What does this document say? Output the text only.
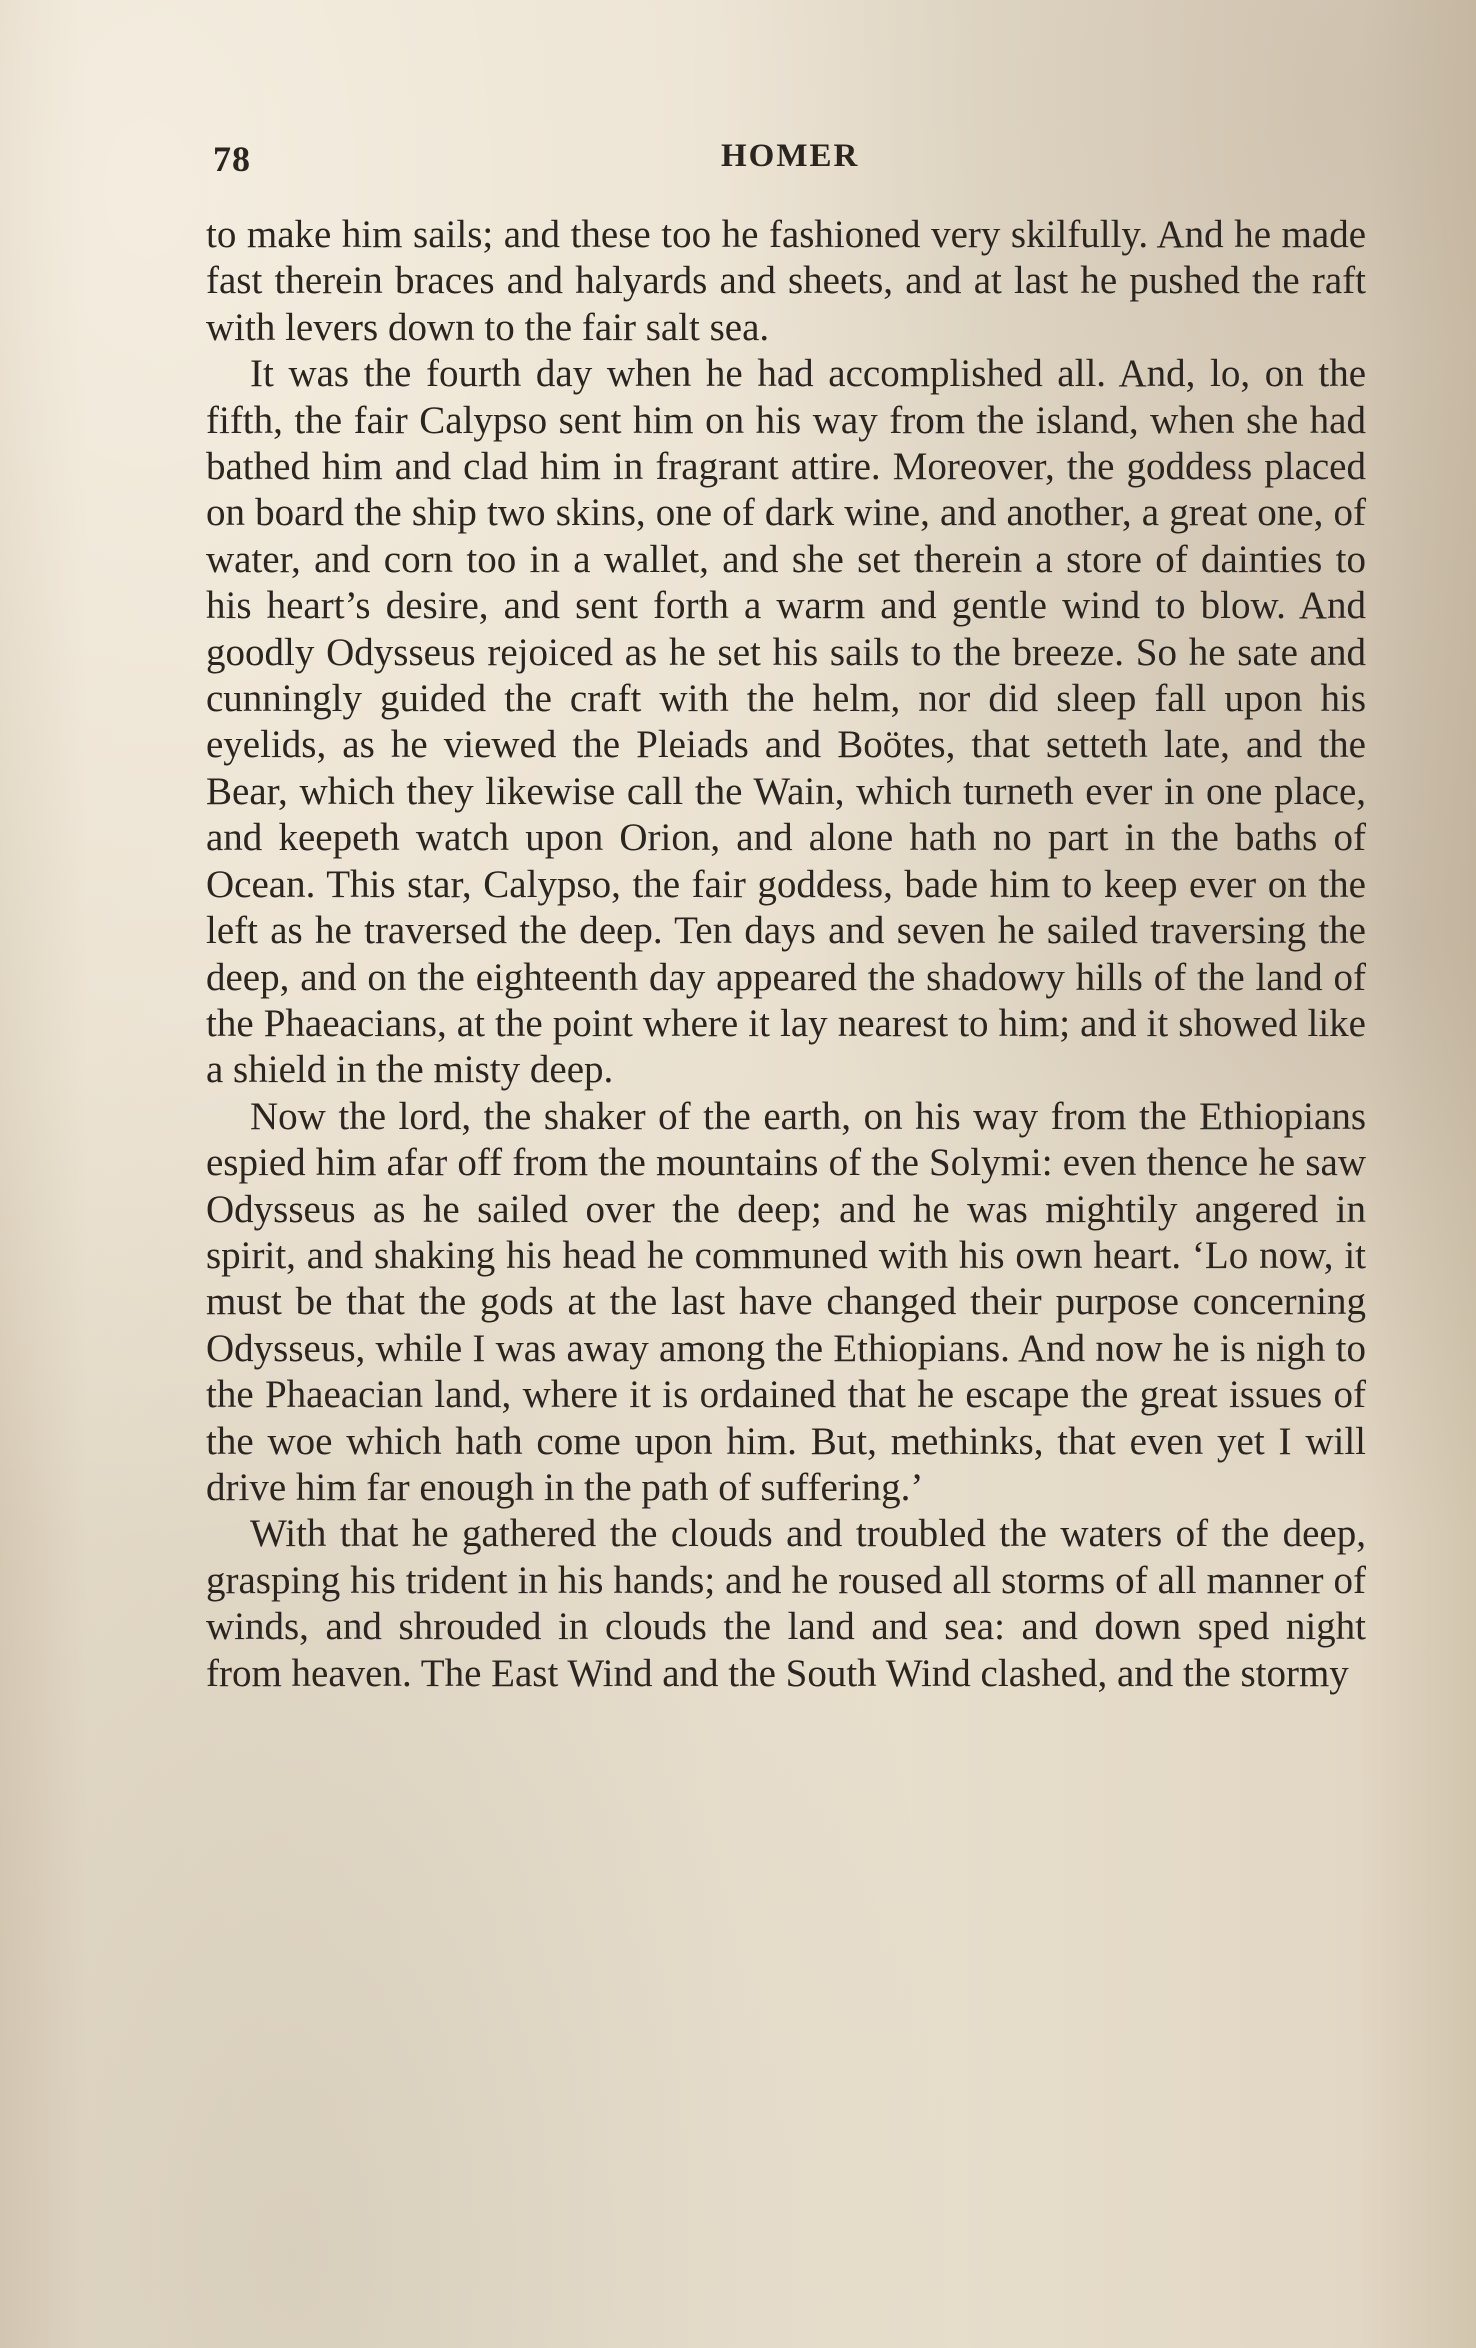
78	HOMER

to make him sails; and these too he fashioned very skilfully. And he made fast therein braces and halyards and sheets, and at last he pushed the raft with levers down to the fair salt sea.

It was the fourth day when he had accomplished all. And, lo, on the fifth, the fair Calypso sent him on his way from the island, when she had bathed him and clad him in fragrant attire. Moreover, the goddess placed on board the ship two skins, one of dark wine, and another, a great one, of water, and corn too in a wallet, and she set therein a store of dainties to his heart’s desire, and sent forth a warm and gentle wind to blow. And goodly Odysseus rejoiced as he set his sails to the breeze. So he sate and cunningly guided the craft with the helm, nor did sleep fall upon his eyelids, as he viewed the Pleiads and Boötes, that setteth late, and the Bear, which they likewise call the Wain, which turneth ever in one place, and keepeth watch upon Orion, and alone hath no part in the baths of Ocean. This star, Calypso, the fair goddess, bade him to keep ever on the left as he traversed the deep. Ten days and seven he sailed traversing the deep, and on the eighteenth day appeared the shadowy hills of the land of the Phaeacians, at the point where it lay nearest to him; and it showed like a shield in the misty deep.

Now the lord, the shaker of the earth, on his way from the Ethiopians espied him afar off from the mountains of the Solymi: even thence he saw Odysseus as he sailed over the deep; and he was mightily angered in spirit, and shaking his head he communed with his own heart. ‘Lo now, it must be that the gods at the last have changed their purpose concerning Odysseus, while I was away among the Ethiopians. And now he is nigh to the Phaeacian land, where it is ordained that he escape the great issues of the woe which hath come upon him. But, methinks, that even yet I will drive him far enough in the path of suffering.’

With that he gathered the clouds and troubled the waters of the deep, grasping his trident in his hands; and he roused all storms of all manner of winds, and shrouded in clouds the land and sea: and down sped night from heaven. The East Wind and the South Wind clashed, and the stormy
